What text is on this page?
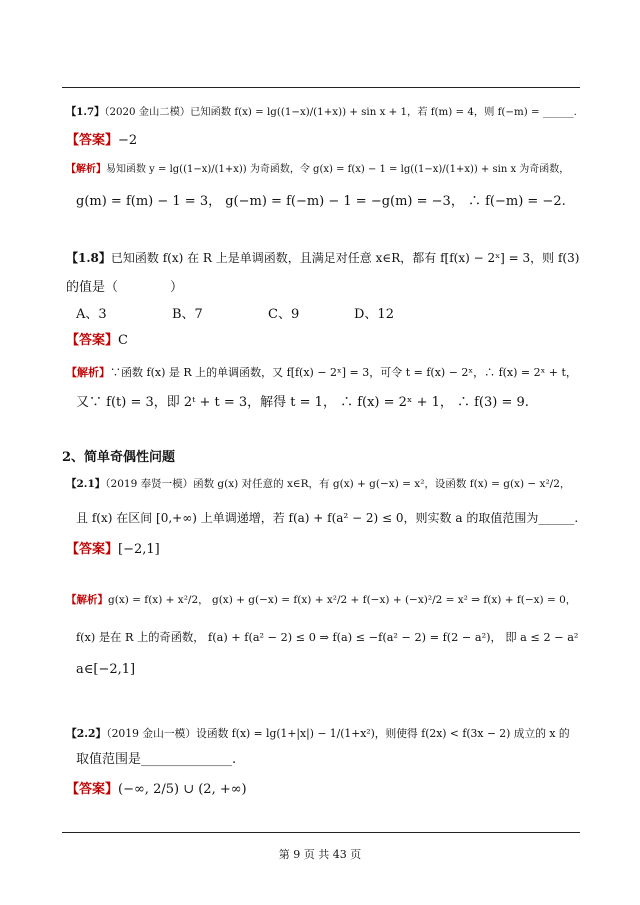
【1.7】（2020 金山二模）已知函数 f(x) = lg((1−x)/(1+x)) + sin x + 1，若 f(m) = 4，则 f(−m) = ______.
【答案】−2
【解析】易知函数 y = lg((1−x)/(1+x)) 为奇函数，令 g(x) = f(x) − 1 = lg((1−x)/(1+x)) + sin x 为奇函数，
g(m) = f(m) − 1 = 3， g(−m) = f(−m) − 1 = −g(m) = −3， ∴ f(−m) = −2.
【1.8】已知函数 f(x) 在 R 上是单调函数，且满足对任意 x∈R，都有 f[f(x) − 2ˣ] = 3，则 f(3)
的值是（　　　　）
A、3	B、7	C、9	D、12
【答案】C
【解析】∵函数 f(x) 是 R 上的单调函数，又 f[f(x) − 2ˣ] = 3，可令 t = f(x) − 2ˣ，∴ f(x) = 2ˣ + t，
又∵ f(t) = 3，即 2ᵗ + t = 3，解得 t = 1， ∴ f(x) = 2ˣ + 1， ∴ f(3) = 9.
2、简单奇偶性问题
【2.1】（2019 奉贤一模）函数 g(x) 对任意的 x∈R，有 g(x) + g(−x) = x²，设函数 f(x) = g(x) − x²/2，
且 f(x) 在区间 [0,+∞) 上单调递增，若 f(a) + f(a² − 2) ≤ 0，则实数 a 的取值范围为______.
【答案】[−2,1]
【解析】g(x) = f(x) + x²/2， g(x) + g(−x) = f(x) + x²/2 + f(−x) + (−x)²/2 = x² ⇒ f(x) + f(−x) = 0，
f(x) 是在 R 上的奇函数， f(a) + f(a² − 2) ≤ 0 ⇒ f(a) ≤ −f(a² − 2) = f(2 − a²)， 即 a ≤ 2 − a²
a∈[−2,1]
【2.2】（2019 金山一模）设函数 f(x) = lg(1+|x|) − 1/(1+x²)，则使得 f(2x) < f(3x − 2) 成立的 x 的
取值范围是______________.
【答案】(−∞, 2/5) ∪ (2, +∞)
第 9 页 共 43 页
